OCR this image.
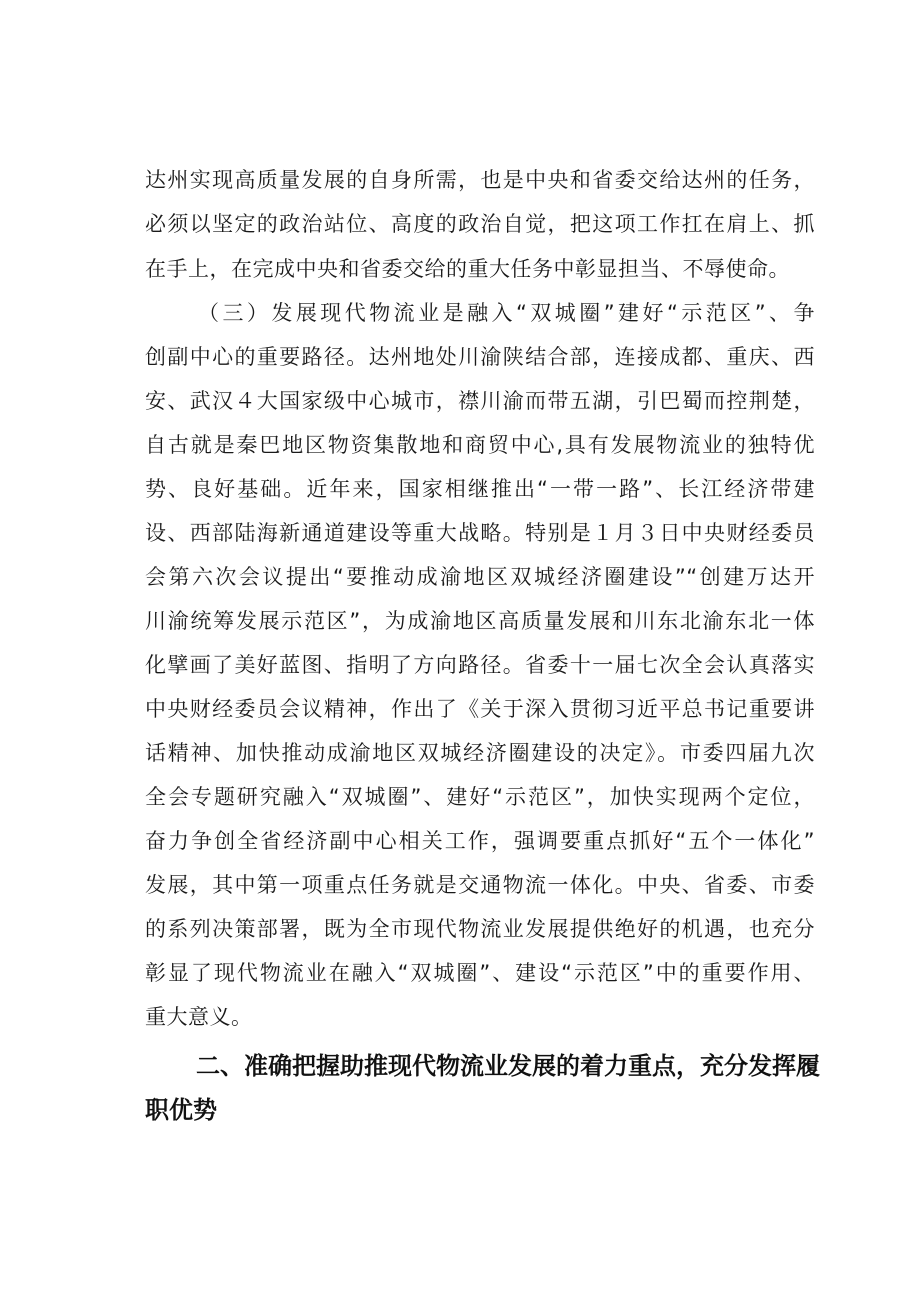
达州实现高质量发展的自身所需，也是中央和省委交给达州的任务，
必须以坚定的政治站位、高度的政治自觉，把这项工作扛在肩上、抓
在手上，在完成中央和省委交给的重大任务中彰显担当、不辱使命。
（三）发展现代物流业是融入“双城圈”建好“示范区”、争
创副中心的重要路径。达州地处川渝陕结合部，连接成都、重庆、西
安、武汉４大国家级中心城市，襟川渝而带五湖，引巴蜀而控荆楚，
自古就是秦巴地区物资集散地和商贸中心,具有发展物流业的独特优
势、良好基础。近年来，国家相继推出“一带一路”、长江经济带建
设、西部陆海新通道建设等重大战略。特别是１月３日中央财经委员
会第六次会议提出“要推动成渝地区双城经济圈建设”“创建万达开
川渝统筹发展示范区”，为成渝地区高质量发展和川东北渝东北一体
化擘画了美好蓝图、指明了方向路径。省委十一届七次全会认真落实
中央财经委员会议精神，作出了《关于深入贯彻习近平总书记重要讲
话精神、加快推动成渝地区双城经济圈建设的决定》。市委四届九次
全会专题研究融入“双城圈”、建好“示范区”，加快实现两个定位，
奋力争创全省经济副中心相关工作，强调要重点抓好“五个一体化”
发展，其中第一项重点任务就是交通物流一体化。中央、省委、市委
的系列决策部署，既为全市现代物流业发展提供绝好的机遇，也充分
彰显了现代物流业在融入“双城圈”、建设“示范区”中的重要作用、
重大意义。
二、准确把握助推现代物流业发展的着力重点，充分发挥履
职优势
